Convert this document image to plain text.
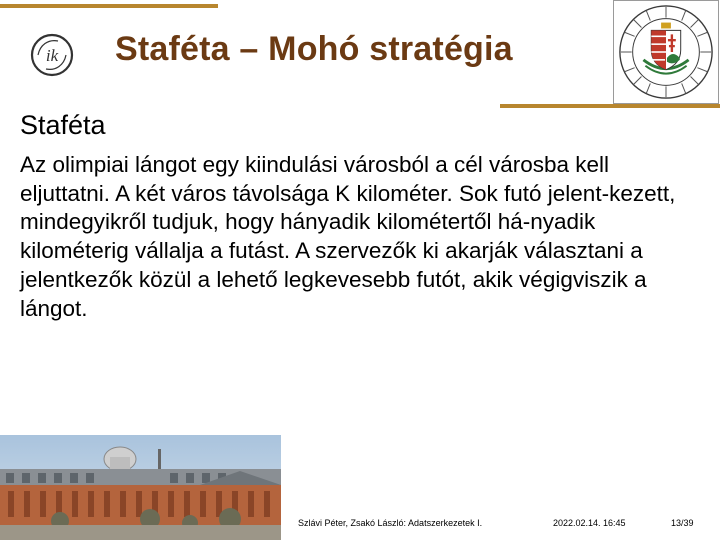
ik Staféta – Mohó stratégia
Staféta

Az olimpiai lángot egy kiindulási városból a cél városba kell eljuttatni. A két város távolsága K kilométer. Sok futó jelent-kezett, mindegyikről tudjuk, hogy hányadik kilométertől há-nyadik kilométerig vállalja a futást. A szervezők ki akarják választani a jelentkezők közül a lehető legkevesebb futót, akik végigviszik a lángot.

Szlávi Péter, Zsakó László: Adatszerkezetek I.	2022.02.14. 16:45	13/39
